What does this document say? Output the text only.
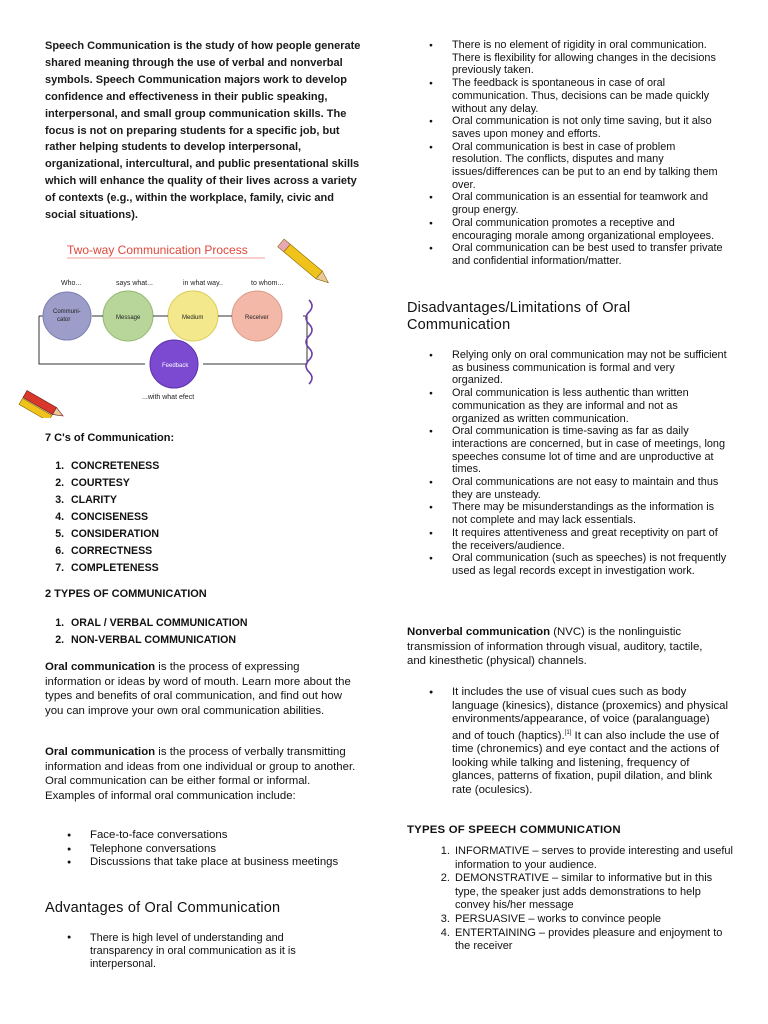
Speech Communication is the study of how people generate shared meaning through the use of verbal and nonverbal symbols. Speech Communication majors work to develop confidence and effectiveness in their public speaking, interpersonal, and small group communication skills. The focus is not on preparing students for a specific job, but rather helping students to develop interpersonal, organizational, intercultural, and public presentational skills which will enhance the quality of their lives across a variety of contexts (e.g., within the workplace, family, civic and social situations).
Two-way Communication Process
Who...	says what...	in what way..	to whom...
Communi-
cator	Message	Medium	Receiver
Feedback
...with what efect
7 C's of Communication:
1. CONCRETENESS
2. COURTESY
3. CLARITY
4. CONCISENESS
5. CONSIDERATION
6. CORRECTNESS
7. COMPLETENESS
2 TYPES OF COMMUNICATION
1. ORAL / VERBAL COMMUNICATION
2. NON-VERBAL COMMUNICATION
Oral communication is the process of expressing information or ideas by word of mouth. Learn more about the types and benefits of oral communication, and find out how you can improve your own oral communication abilities.
Oral communication is the process of verbally transmitting information and ideas from one individual or group to another. Oral communication can be either formal or informal. Examples of informal oral communication include:
● Face-to-face conversations
● Telephone conversations
● Discussions that take place at business meetings
Advantages of Oral Communication
● There is high level of understanding and transparency in oral communication as it is interpersonal.
● There is no element of rigidity in oral communication. There is flexibility for allowing changes in the decisions previously taken.
● The feedback is spontaneous in case of oral communication. Thus, decisions can be made quickly without any delay.
● Oral communication is not only time saving, but it also saves upon money and efforts.
● Oral communication is best in case of problem resolution. The conflicts, disputes and many issues/differences can be put to an end by talking them over.
● Oral communication is an essential for teamwork and group energy.
● Oral communication promotes a receptive and encouraging morale among organizational employees.
● Oral communication can be best used to transfer private and confidential information/matter.
Disadvantages/Limitations of Oral Communication
● Relying only on oral communication may not be sufficient as business communication is formal and very organized.
● Oral communication is less authentic than written communication as they are informal and not as organized as written communication.
● Oral communication is time-saving as far as daily interactions are concerned, but in case of meetings, long speeches consume lot of time and are unproductive at times.
● Oral communications are not easy to maintain and thus they are unsteady.
● There may be misunderstandings as the information is not complete and may lack essentials.
● It requires attentiveness and great receptivity on part of the receivers/audience.
● Oral communication (such as speeches) is not frequently used as legal records except in investigation work.
Nonverbal communication (NVC) is the nonlinguistic transmission of information through visual, auditory, tactile, and kinesthetic (physical) channels.
● It includes the use of visual cues such as body language (kinesics), distance (proxemics) and physical environments/appearance, of voice (paralanguage) and of touch (haptics).[1] It can also include the use of time (chronemics) and eye contact and the actions of looking while talking and listening, frequency of glances, patterns of fixation, pupil dilation, and blink rate (oculesics).
TYPES OF SPEECH COMMUNICATION
1. INFORMATIVE – serves to provide interesting and useful information to your audience.
2. DEMONSTRATIVE – similar to informative but in this type, the speaker just adds demonstrations to help convey his/her message
3. PERSUASIVE – works to convince people
4. ENTERTAINING – provides pleasure and enjoyment to the receiver
